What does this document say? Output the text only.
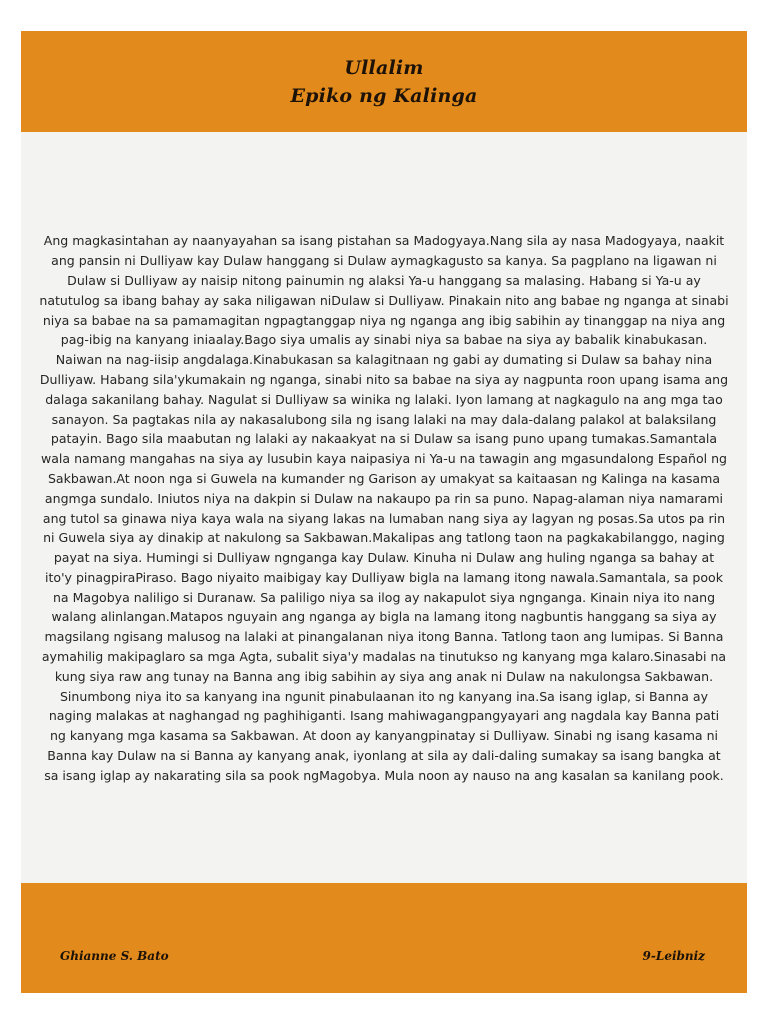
Ullalim
Epiko ng Kalinga

Ang magkasintahan ay naanyayahan sa isang pistahan sa Madogyaya.Nang sila ay nasa Madogyaya, naakit ang pansin ni Dulliyaw kay Dulaw hanggang si Dulaw aymagkagusto sa kanya. Sa pagplano na ligawan ni Dulaw si Dulliyaw ay naisip nitong painumin ng alaksi Ya-u hanggang sa malasing. Habang si Ya-u ay natutulog sa ibang bahay ay saka niligawan niDulaw si Dulliyaw. Pinakain nito ang babae ng nganga at sinabi niya sa babae na sa pamamagitan ngpagtanggap niya ng nganga ang ibig sabihin ay tinanggap na niya ang pag-ibig na kanyang iniaalay.Bago siya umalis ay sinabi niya sa babae na siya ay babalik kinabukasan. Naiwan na nag-iisip angdalaga.Kinabukasan sa kalagitnaan ng gabi ay dumating si Dulaw sa bahay nina Dulliyaw. Habang sila'ykumakain ng nganga, sinabi nito sa babae na siya ay nagpunta roon upang isama ang dalaga sakanilang bahay. Nagulat si Dulliyaw sa winika ng lalaki. Iyon lamang at nagkagulo na ang mga tao sanayon. Sa pagtakas nila ay nakasalubong sila ng isang lalaki na may dala-dalang palakol at balaksilang patayin. Bago sila maabutan ng lalaki ay nakaakyat na si Dulaw sa isang puno upang tumakas.Samantala wala namang mangahas na siya ay lusubin kaya naipasiya ni Ya-u na tawagin ang mgasundalong Español ng Sakbawan.At noon nga si Guwela na kumander ng Garison ay umakyat sa kaitaasan ng Kalinga na kasama angmga sundalo. Iniutos niya na dakpin si Dulaw na nakaupo pa rin sa puno. Napag-alaman niya namarami ang tutol sa ginawa niya kaya wala na siyang lakas na lumaban nang siya ay lagyan ng posas.Sa utos pa rin ni Guwela siya ay dinakip at nakulong sa Sakbawan.Makalipas ang tatlong taon na pagkakabilanggo, naging payat na siya. Humingi si Dulliyaw ngnganga kay Dulaw. Kinuha ni Dulaw ang huling nganga sa bahay at ito'y pinagpiraPiraso. Bago niyaito maibigay kay Dulliyaw bigla na lamang itong nawala.Samantala, sa pook na Magobya naliligo si Duranaw. Sa paliligo niya sa ilog ay nakapulot siya ngnganga. Kinain niya ito nang walang alinlangan.Matapos nguyain ang nganga ay bigla na lamang itong nagbuntis hanggang sa siya ay magsilang ngisang malusog na lalaki at pinangalanan niya itong Banna. Tatlong taon ang lumipas. Si Banna aymahilig makipaglaro sa mga Agta, subalit siya'y madalas na tinutukso ng kanyang mga kalaro.Sinasabi na kung siya raw ang tunay na Banna ang ibig sabihin ay siya ang anak ni Dulaw na nakulongsa Sakbawan. Sinumbong niya ito sa kanyang ina ngunit pinabulaanan ito ng kanyang ina.Sa isang iglap, si Banna ay naging malakas at naghangad ng paghihiganti. Isang mahiwagangpangyayari ang nagdala kay Banna pati ng kanyang mga kasama sa Sakbawan. At doon ay kanyangpinatay si Dulliyaw. Sinabi ng isang kasama ni Banna kay Dulaw na si Banna ay kanyang anak, iyonlang at sila ay dali-daling sumakay sa isang bangka at sa isang iglap ay nakarating sila sa pook ngMagobya. Mula noon ay nauso na ang kasalan sa kanilang pook.

Ghianne S. Bato	9-Leibniz
